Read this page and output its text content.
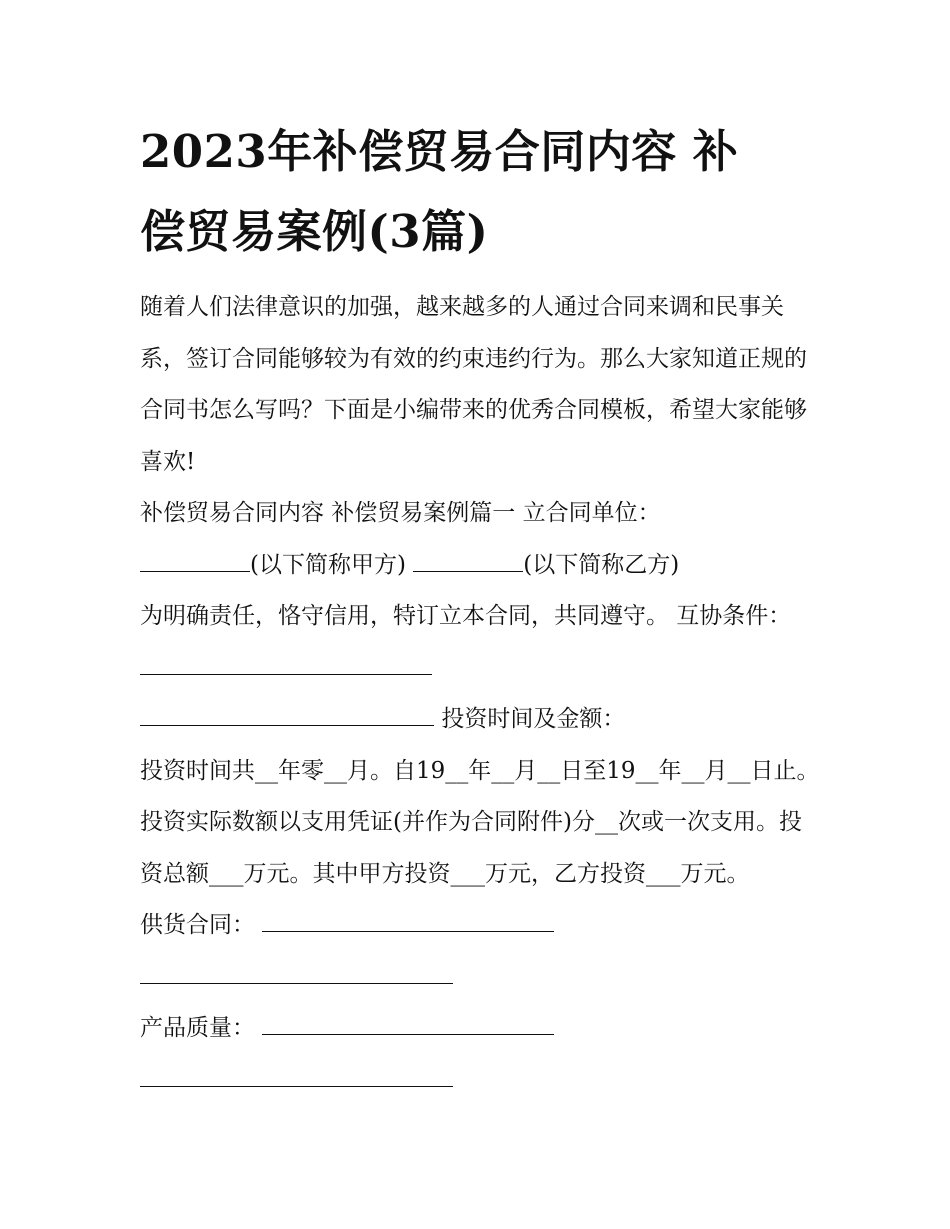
2023年补偿贸易合同内容 补偿贸易案例(3篇)

随着人们法律意识的加强，越来越多的人通过合同来调和民事关系，签订合同能够较为有效的约束违约行为。那么大家知道正规的合同书怎么写吗？下面是小编带来的优秀合同模板，希望大家能够喜欢!

补偿贸易合同内容 补偿贸易案例篇一 立合同单位：

(以下简称甲方)	(以下简称乙方)

为明确责任，恪守信用，特订立本合同，共同遵守。 互协条件：

投资时间及金额：

投资时间共__年零__月。自19__年__月__日至19__年__月__日止。投资实际数额以支用凭证(并作为合同附件)分__次或一次支用。投资总额___万元。其中甲方投资___万元，乙方投资___万元。

供货合同：

产品质量：
